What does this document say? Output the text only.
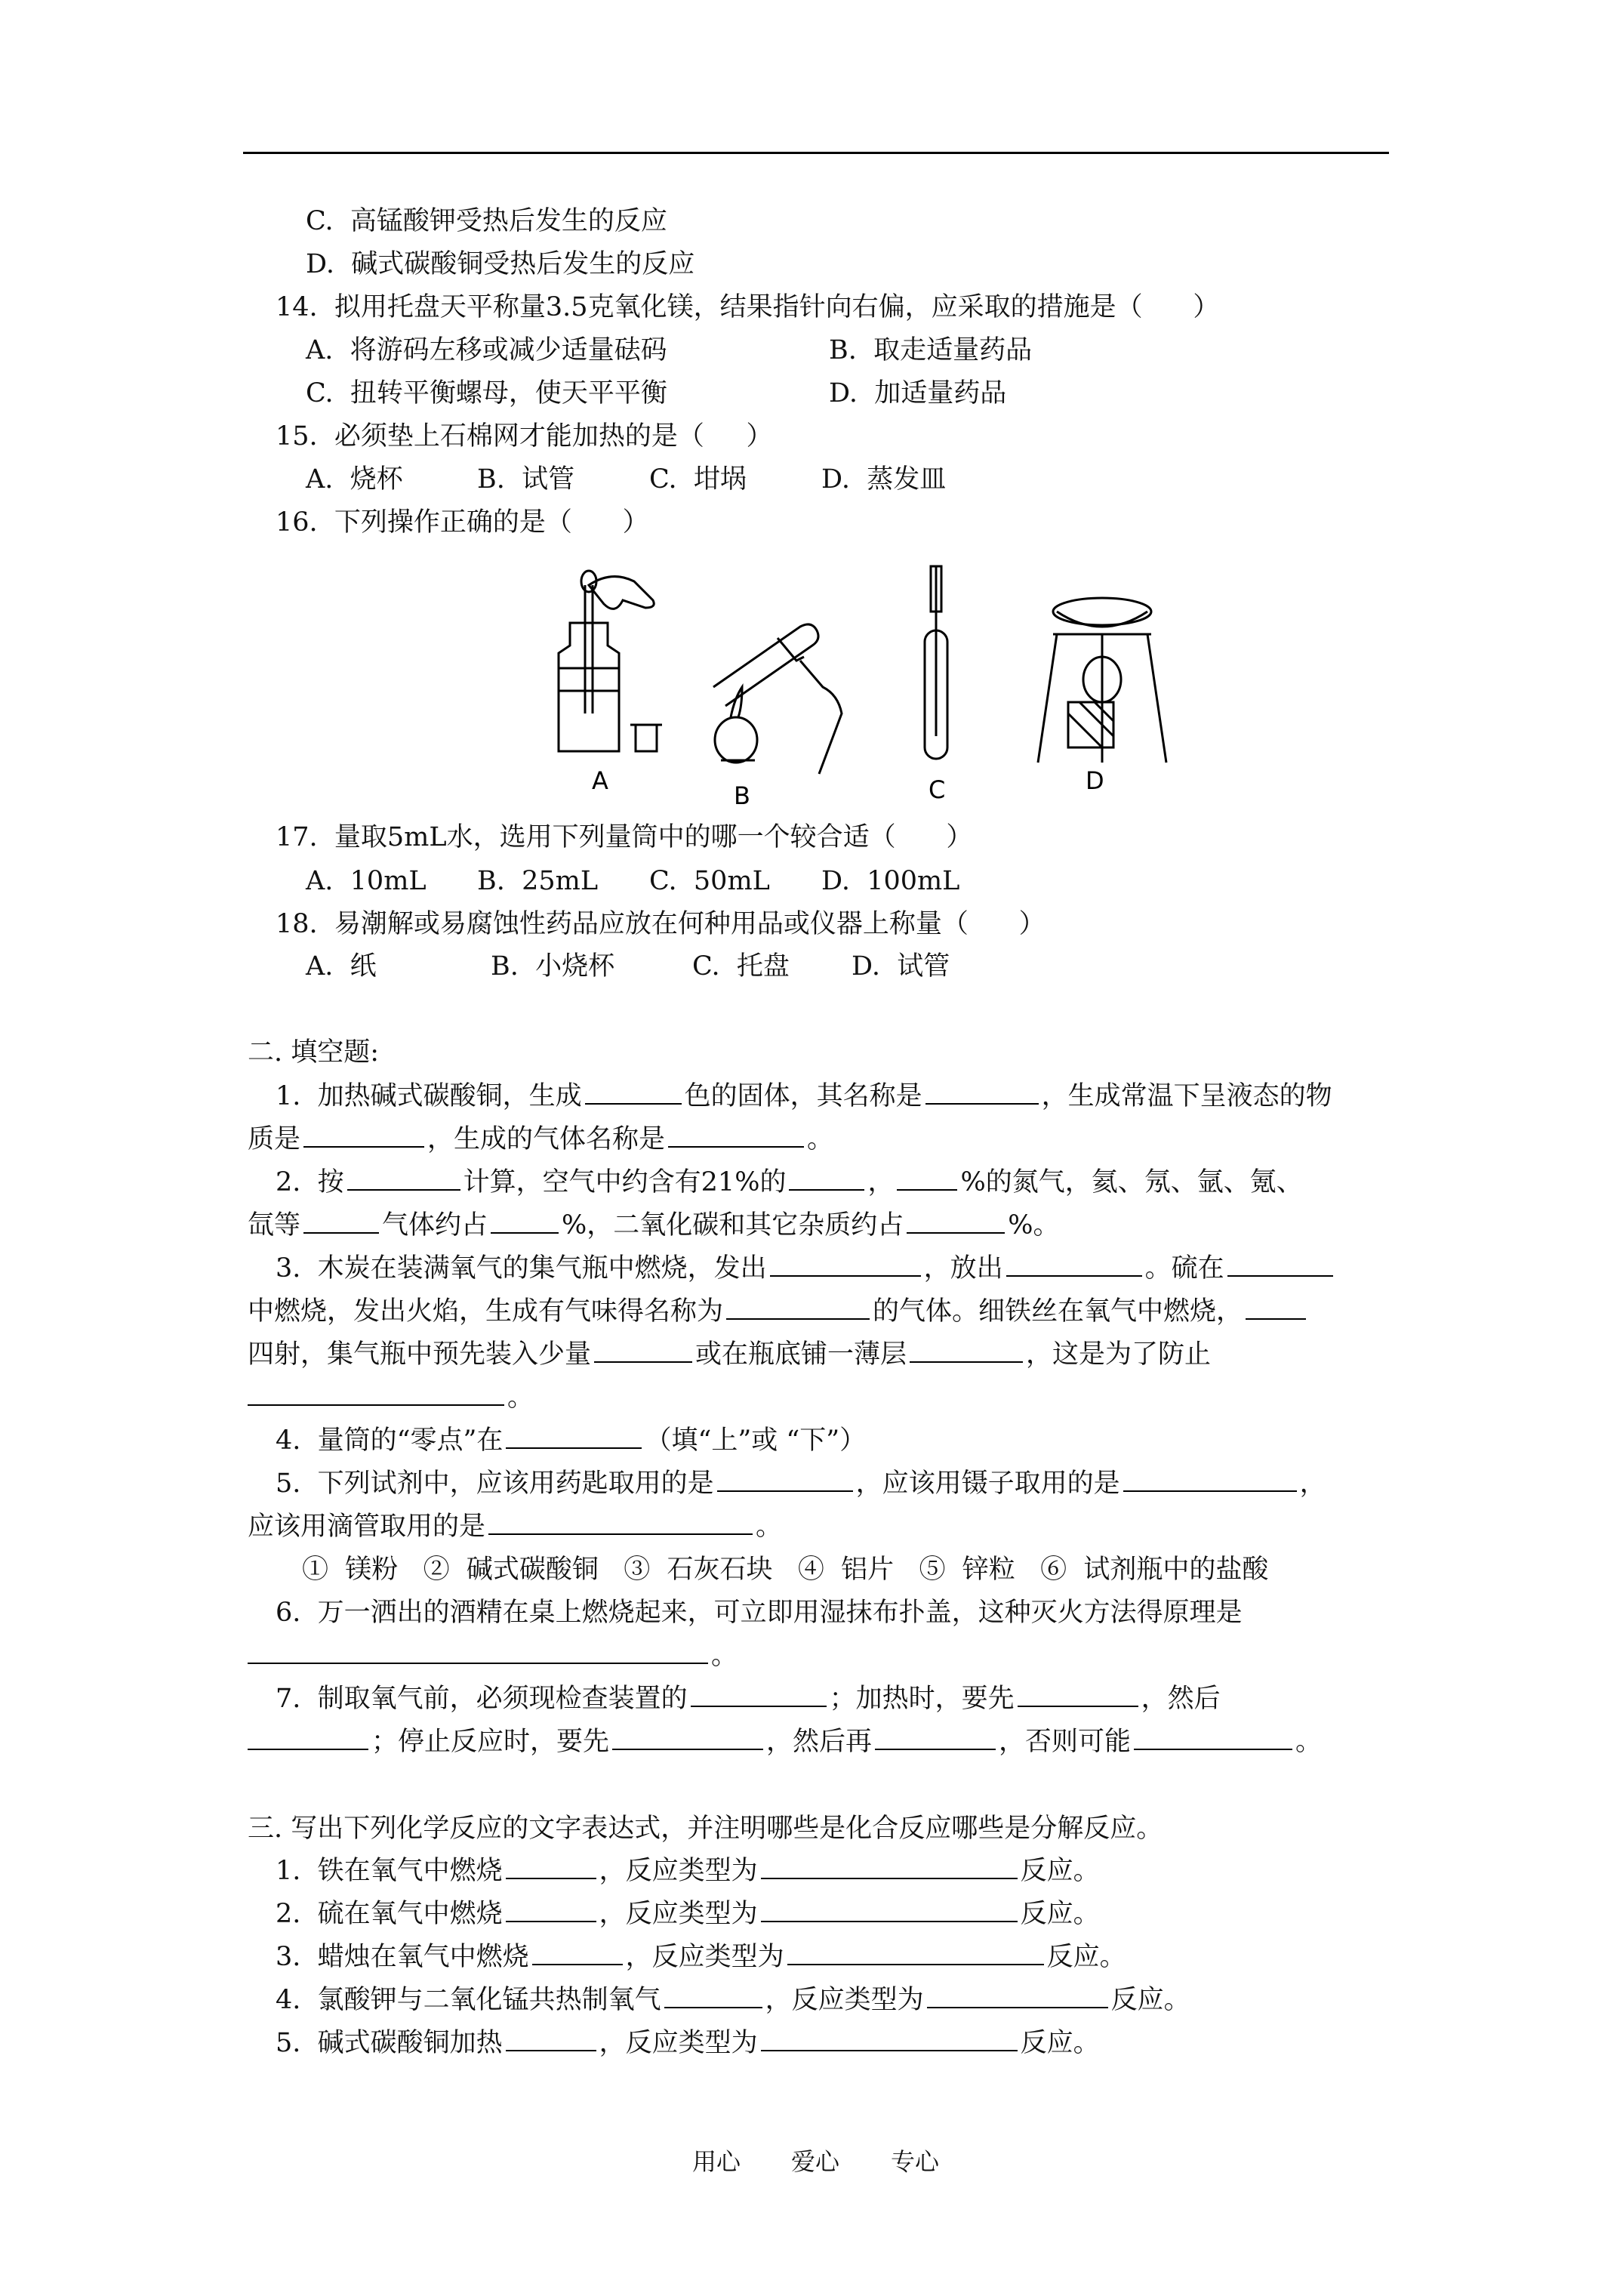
C.  高锰酸钾受热后发生的反应
D.  碱式碳酸铜受热后发生的反应
14.  拟用托盘天平称量3.5克氧化镁，结果指针向右偏，应采取的措施是（      ）
A.  将游码左移或减少适量砝码	B.  取走适量药品
C.  扭转平衡螺母，使天平平衡	D.  加适量药品
15.  必须垫上石棉网才能加热的是（     ）
A.  烧杯	B.  试管	C.  坩埚	D.  蒸发皿
16.  下列操作正确的是（      ）
A
B	C	D
17.  量取5mL水，选用下列量筒中的哪一个较合适（      ）
A.  10mL B.  25mL C.  50mL D.  100mL
18.  易潮解或易腐蚀性药品应放在何种用品或仪器上称量（      ）
A.  纸	B.  小烧杯	C.  托盘 D.  试管
二. 填空题:
1.  加热碱式碳酸铜，生成	色的固体，其名称是	，生成常温下呈液态的物
质是	，生成的气体名称是	。
2.  按	计算，空气中约含有21%的	，	%的氮气，氦、氖、氩、氪、
氙等	气体约占	%，二氧化碳和其它杂质约占	%。
3.  木炭在装满氧气的集气瓶中燃烧，发出	，放出	。硫在
中燃烧，发出火焰，生成有气味得名称为	的气体。细铁丝在氧气中燃烧，
四射，集气瓶中预先装入少量	或在瓶底铺一薄层	，这是为了防止
。
4.  量筒的“零点”在	（填“上”或 “下”）
5.  下列试剂中，应该用药匙取用的是	，应该用镊子取用的是	，
应该用滴管取用的是	。
①  镁粉   ②  碱式碳酸铜   ③  石灰石块   ④  铝片   ⑤  锌粒   ⑥  试剂瓶中的盐酸
6.  万一洒出的酒精在桌上燃烧起来，可立即用湿抹布扑盖，这种灭火方法得原理是
。
7.  制取氧气前，必须现检查装置的	；加热时，要先	，然后
；停止反应时，要先	，然后再	，否则可能	。
三. 写出下列化学反应的文字表达式，并注明哪些是化合反应哪些是分解反应。
1.  铁在氧气中燃烧	，反应类型为	反应。
2.  硫在氧气中燃烧	，反应类型为	反应。
3.  蜡烛在氧气中燃烧	，反应类型为	反应。
4.  氯酸钾与二氧化锰共热制氧气	，反应类型为	反应。
5.  碱式碳酸铜加热	，反应类型为	反应。
用心 爱心 专心
